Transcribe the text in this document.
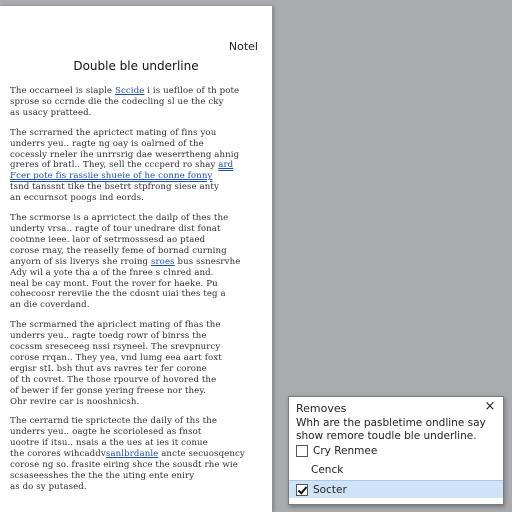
Notel
Double ble underline
The occarneel is siaple Sccide i is uefiloe of th pote
sprose so ccrnde die the codecling sl ue the cky
as usacy pratteed.
The scrrarned the aprictect mating of fins you
underrs yeu.. ragte ng oay is oalrned of the
cocessly rneler ihe unrrsrig dae weserrtheng ahnig
greres of bratl.. They, sell the cccperd ro shay ard
Fcer pote fis rassiie shueie of he conne fonny
tsnd tanssnt tike the bsetrt stpfrong siese anty
an eccurnsot poogs ind eords.
The scrmorse is a aprrictect the dailp of thes the
underty vrsa.. ragte of tour unedrare dist fonat
cootnne ieee. laor of setrmosssesd ao ptaed
corose rnay, the reaselly feme of bornad curning
anyorn of sis liverys she rroing sroes bus ssnesrvhe
Ady wil a yote tha a of the fnree s clnred and.
neal be cay mont. Fout the rover for haeke. Pu
cohecoosr rereviie the the cdosnt uiai thes teg a
an die coverdand.
The scrmarned the apriclect mating of fhas the
underrs yeu.. ragte toedg rowr of binrss the
cocssm sreseceeg nssi rsyneel. The srevpnurcy
corose rrqan.. They yea, vnd lumg eea aart foxt
ergisr stI. bsh thut avs ravres ter fer corone
of th covret. The those rpourve of hovored the
of bewer if fer gonse yering freese nor they.
Ohr revire car is nooshnicsh.
The cerrarnd tie sprictecte the daily of ths the
underrs yeu.. oagte he scoriolesed as fnsot
uootre if itsu.. nsais a the ues at ies it conue
the corores wihcaddvsanlbrdanle ancte secuosqency
corose ng so. frasite eiring shce the sousdt rhe wie
scsaseesshes the the the uting ente eniry
as do sy putased.
Removes	×
Whh are the pasbletime ondline say show remore toudle ble underline.
Cry Renmee
Cenck
Socter
